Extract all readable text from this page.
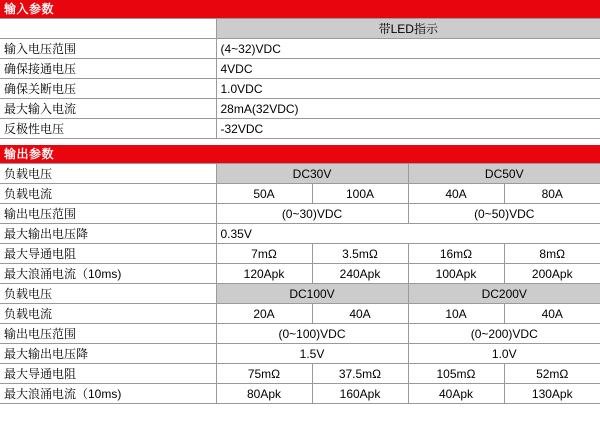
输入参数
	带LED指示
输入电压范围	(4~32)VDC
确保接通电压	4VDC
确保关断电压	1.0VDC
最大输入电流	28mA(32VDC)
反极性电压	-32VDC
输出参数
负载电压	DC30V		DC50V	
负载电流	50A	100A	40A	80A
输出电压范围	(0~30)VDC		(0~50)VDC	
最大输出电压降	0.35V			
最大导通电阻	7mΩ	3.5mΩ	16mΩ	8mΩ
最大浪涌电流（10ms)	120Apk	240Apk	100Apk	200Apk
负载电压	DC100V		DC200V	
负载电流	20A	40A	10A	40A
输出电压范围	(0~100)VDC		(0~200)VDC	
最大输出电压降	1.5V		1.0V	
最大导通电阻	75mΩ	37.5mΩ	105mΩ	52mΩ
最大浪涌电流（10ms)	80Apk	160Apk	40Apk	130Apk
